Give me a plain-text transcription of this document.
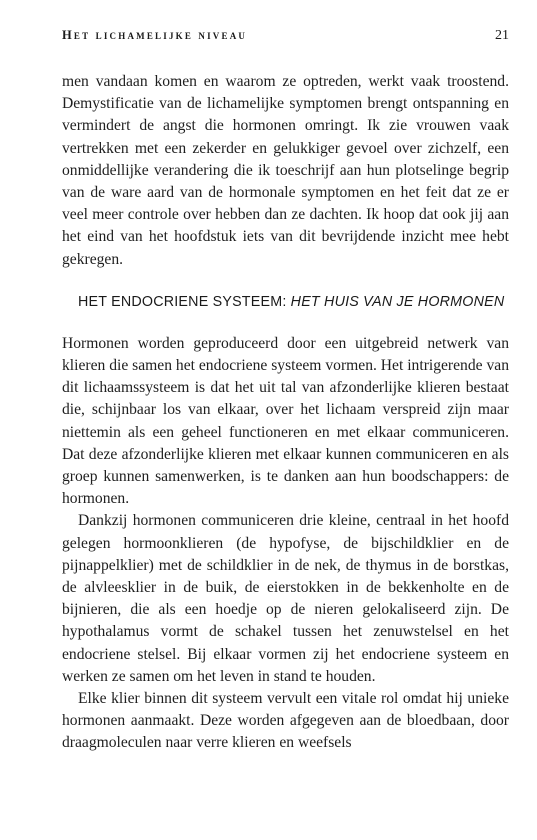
Het lichamelijke niveau	21

men vandaan komen en waarom ze optreden, werkt vaak troostend. Demystificatie van de lichamelijke symptomen brengt ontspanning en vermindert de angst die hormonen omringt. Ik zie vrouwen vaak vertrekken met een zekerder en gelukkiger gevoel over zichzelf, een onmiddellijke verandering die ik toeschrijf aan hun plotselinge begrip van de ware aard van de hormonale symptomen en het feit dat ze er veel meer controle over hebben dan ze dachten. Ik hoop dat ook jij aan het eind van het hoofdstuk iets van dit bevrijdende inzicht mee hebt gekregen.

HET ENDOCRIENE SYSTEEM: HET HUIS VAN JE HORMONEN

Hormonen worden geproduceerd door een uitgebreid netwerk van klieren die samen het endocriene systeem vormen. Het intrigerende van dit lichaamssysteem is dat het uit tal van afzonderlijke klieren bestaat die, schijnbaar los van elkaar, over het lichaam verspreid zijn maar niettemin als een geheel functioneren en met elkaar communiceren. Dat deze afzonderlijke klieren met elkaar kunnen communiceren en als groep kunnen samenwerken, is te danken aan hun boodschappers: de hormonen.

Dankzij hormonen communiceren drie kleine, centraal in het hoofd gelegen hormoonklieren (de hypofyse, de bijschildklier en de pijnappelklier) met de schildklier in de nek, de thymus in de borstkas, de alvleesklier in de buik, de eierstokken in de bekkenholte en de bijnieren, die als een hoedje op de nieren gelokaliseerd zijn. De hypothalamus vormt de schakel tussen het zenuwstelsel en het endocriene stelsel. Bij elkaar vormen zij het endocriene systeem en werken ze samen om het leven in stand te houden.

Elke klier binnen dit systeem vervult een vitale rol omdat hij unieke hormonen aanmaakt. Deze worden afgegeven aan de bloedbaan, door draagmoleculen naar verre klieren en weefsels
